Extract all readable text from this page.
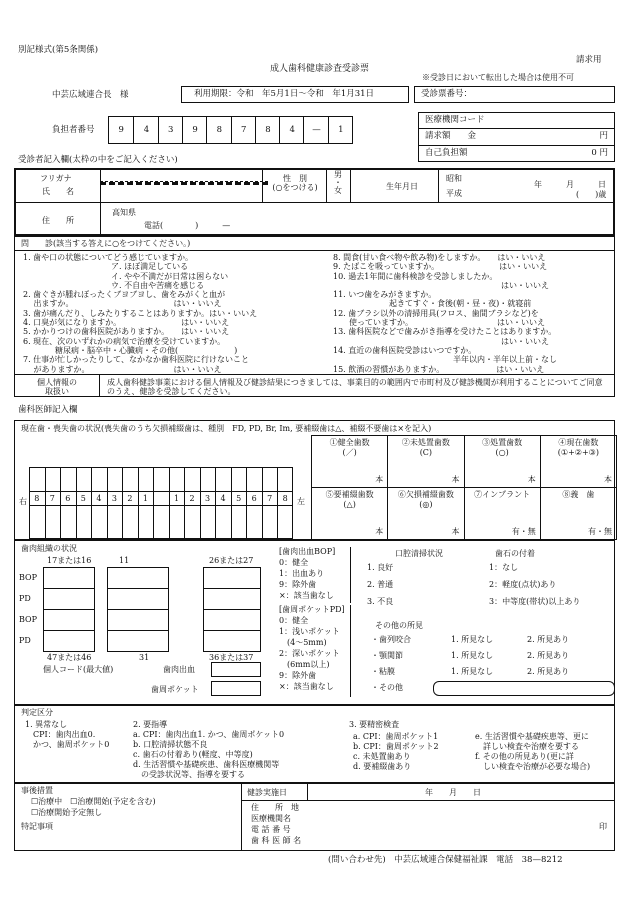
別記様式(第5条関係)
請求用
成人歯科健康診査受診票
※受診日において転出した場合は使用不可
中芸広域連合長　様	利用期限：令和　年5月1日～令和　年1月31日	受診票番号：
負担者番号	9	4	3	9	8	7	8	4	—	1
医療機関コード
請求額　　金	円
自己負担額	0 円
受診者記入欄(太枠の中をご記入ください)
フリガナ
氏　　名
性　別
(○をつける)
男
・
女	生年月日
昭和
平成
年　　　月　　　日
(　　)歳
住　　所
高知県
電話(　　　　)　　　—
問　　診(該当する答えに○をつけてください。)
1. 歯や口の状態についてどう感じていますか。
　　　　　　　　　　　ア. ほぼ満足している
　　　　　　　　　　　イ. やや不満だが日常は困らない
　　　　　　　　　　　ウ. 不自由や苦痛を感じる
2. 歯ぐきが腫れぼったくブヨブヨし、歯をみがくと血が
　 出ますか。　　　　　　　　　　　　　はい・いいえ
3. 歯が痛んだり、しみたりすることはありますか。はい・いいえ
4. 口臭が気になりますか。　　　　　　　　はい・いいえ
5. かかりつけの歯科医院がありますか。　　はい・いいえ
6. 現在、次のいずれかの病気で治療を受けていますか。
　　　　糖尿病・脳卒中・心臓病・その他(　　　　　　　)
7. 仕事が忙しかったりして、なかなか歯科医院に行けないこと
　 がありますか。　　　　　　　　　　　はい・いいえ
8. 間食(甘い食べ物や飲み物)をしますか。　　はい・いいえ
9. たばこを吸っていますか。　　　　　　　　はい・いいえ
10. 過去1年間に歯科検診を受診しましたか。
　　　　　　　　　　　　　　　　　　　　　はい・いいえ
11. いつ歯をみがきますか。
　　　　　　　起きてすぐ・食後(朝・昼・夜)・就寝前
12. 歯ブラシ以外の清掃用具(フロス、歯間ブラシなど)を
　　使っていますか。　　　　　　　　　　　はい・いいえ
13. 歯科医院などで歯みがき指導を受けたことはありますか。
　　　　　　　　　　　　　　　　　　　　　はい・いいえ
14. 直近の歯科医院受診はいつですか。
　　　　　　　　　　　　　　　半年以内・半年以上前・なし
15. 飲酒の習慣がありますか。　　　　　　　はい・いいえ
個人情報の
取扱い
成人歯科健診事業における個人情報及び健診結果につきましては、事業目的の範囲内で市町村及び健診機関が利用することについてご同意のうえ、健診を受診してください。
歯科医師記入欄
現在歯・喪失歯の状況(喪失歯のうち欠損補綴歯は、種別　FD, PD, Br, Im, 要補綴歯は△、補綴不要歯は×を記入)
右	左
8	7	6	5	4	3	2	1	1	2	3	4	5	6	7	8
①健全歯数
(／)
本
②未処置歯数
(C)
本
③処置歯数
(○)
本
④現在歯数
(①+②+③)
本
⑤要補綴歯数
(△)
本
⑥欠損補綴歯数
(◎)
本
⑦インプラント
有・無
⑧義　歯
有・無
歯肉組織の状況
17または16	11	26または27
BOP
PD
BOP
PD
47または46	31	36または37
個人コード(最大値)	歯肉出血
歯周ポケット
[歯肉出血BOP]
0：健全
1：出血あり
9：除外歯
×：該当歯なし
[歯周ポケットPD]
0：健全
1：浅いポケット
　(4〜5mm)
2：深いポケット
　(6mm以上)
9：除外歯
×：該当歯なし
口腔清掃状況
1. 良好
2. 普通
3. 不良
歯石の付着
1：なし
2：軽度(点状)あり
3：中等度(帯状)以上あり
その他の所見
・歯列咬合	1. 所見なし	2. 所見あり
・顎関節	1. 所見なし	2. 所見あり
・粘膜	1. 所見なし	2. 所見あり
・その他
判定区分
1. 異常なし
　CPI：歯肉出血0.
　かつ、歯周ポケット0
2. 要指導
a. CPI：歯肉出血1. かつ、歯周ポケット0
b. 口腔清掃状態不良
c. 歯石の付着あり(軽度、中等度)
d. 生活習慣や基礎疾患、歯科医療機関等
　の受診状況等、指導を要する
3. 要精密検査
a. CPI：歯周ポケット1
b. CPI：歯周ポケット2
c. 未処置歯あり
d. 要補綴歯あり
e. 生活習慣や基礎疾患等、更に
　詳しい検査や治療を要する
f. その他の所見あり(更に詳
　しい検査や治療が必要な場合)
事後措置
☐治療中　☐治療開始(予定を含む)
☐治療開始予定無し
特記事項
健診実施日	年　　月　　日
住　　所　地
医療機関名
電 話 番 号
歯 科 医 師 名
印
(問い合わせ先)　中芸広域連合保健福祉課　電話　38—8212
